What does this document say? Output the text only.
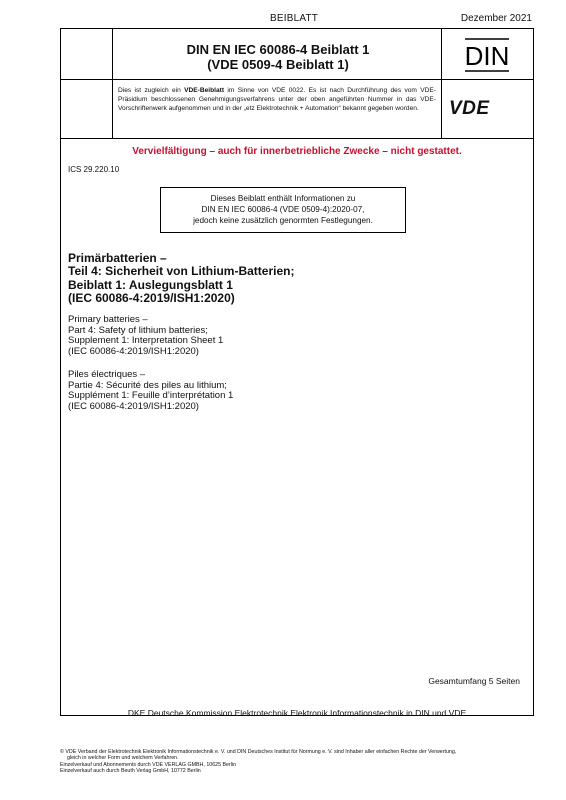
BEIBLATT	Dezember 2021
DIN EN IEC 60086-4 Beiblatt 1
(VDE 0509-4 Beiblatt 1)	DIN
VDE
Dies ist zugleich ein VDE-Beiblatt im Sinne von VDE 0022. Es ist nach Durchführung des vom VDE-Präsidium beschlossenen Genehmigungsverfahrens unter der oben angeführten Nummer in das VDE-Vorschriftenwerk aufgenommen und in der „etz Elektrotechnik + Automation“ bekannt gegeben worden.
Vervielfältigung – auch für innerbetriebliche Zwecke – nicht gestattet.
ICS 29.220.10
Dieses Beiblatt enthält Informationen zu
DIN EN IEC 60086-4 (VDE 0509-4):2020-07,
jedoch keine zusätzlich genormten Festlegungen.
Primärbatterien –
Teil 4: Sicherheit von Lithium-Batterien;
Beiblatt 1: Auslegungsblatt 1
(IEC 60086-4:2019/ISH1:2020)
Primary batteries –
Part 4: Safety of lithium batteries;
Supplement 1: Interpretation Sheet 1
(IEC 60086-4:2019/ISH1:2020)
Piles électriques –
Partie 4: Sécurité des piles au lithium;
Supplément 1: Feuille d’interprétation 1
(IEC 60086-4:2019/ISH1:2020)
Gesamtumfang 5 Seiten
DKE Deutsche Kommission Elektrotechnik Elektronik Informationstechnik in DIN und VDE
© VDE Verband der Elektrotechnik Elektronik Informationstechnik e. V. und DIN Deutsches Institut für Normung e. V. sind Inhaber aller einfachen Rechte der Verwertung,
gleich in welcher Form und welchem Verfahren.
Einzelverkauf und Abonnements durch VDE VERLAG GMBH, 10625 Berlin
Einzelverkauf auch durch Beuth Verlag GmbH, 10772 Berlin
